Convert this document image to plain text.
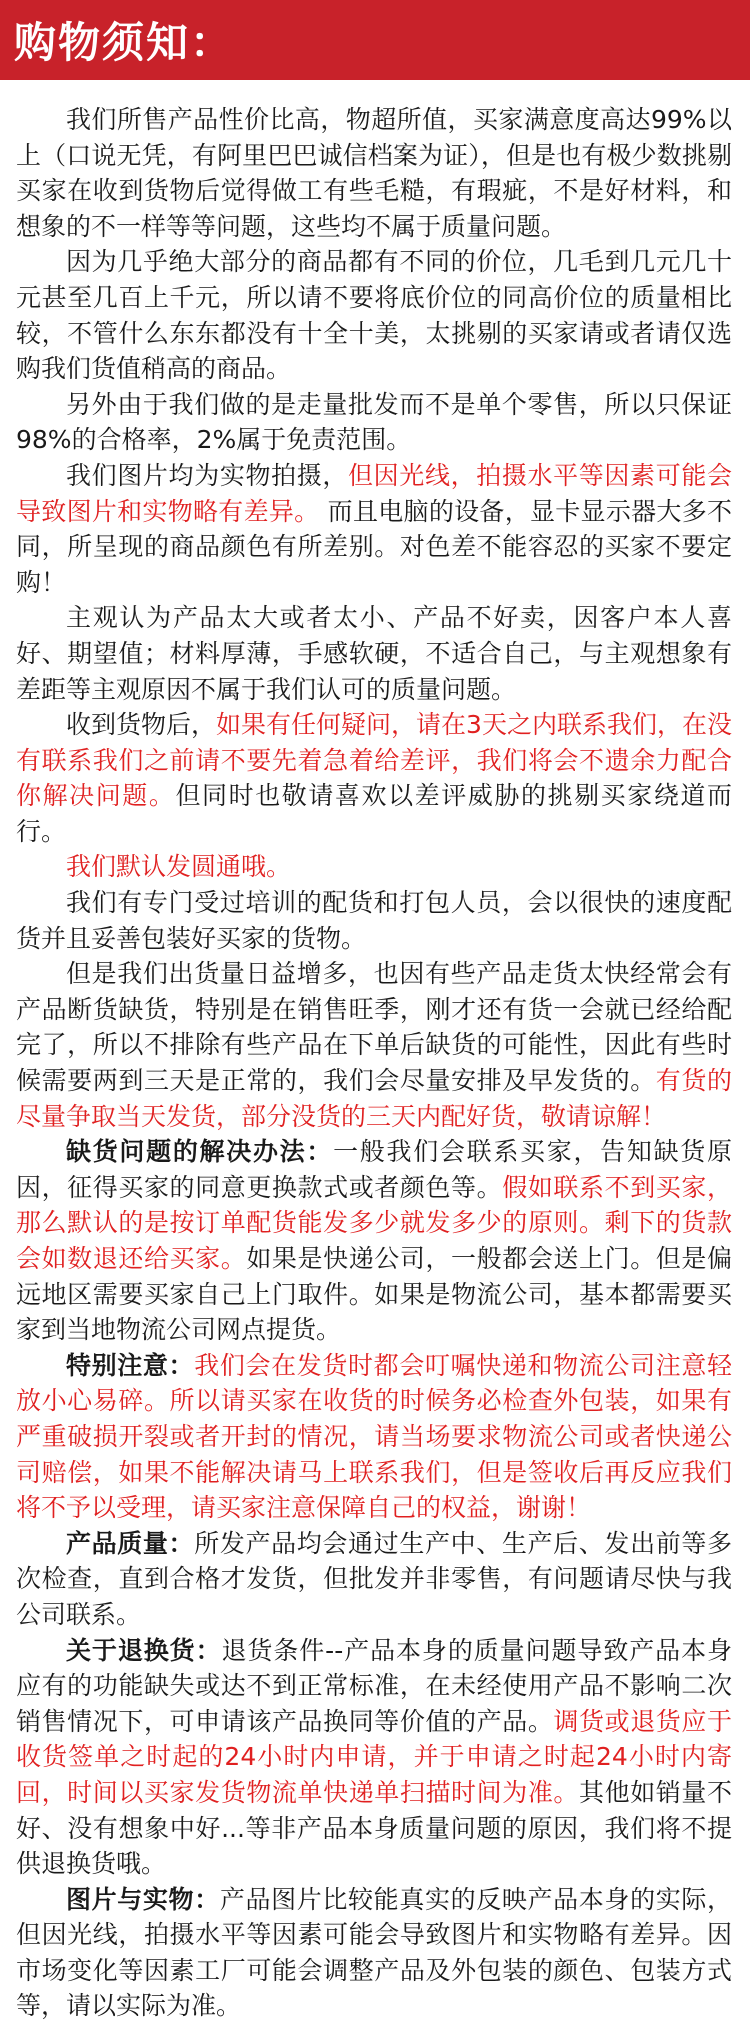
购物须知：

我们所售产品性价比高，物超所值，买家满意度高达99%以上（口说无凭，有阿里巴巴诚信档案为证），但是也有极少数挑剔买家在收到货物后觉得做工有些毛糙，有瑕疵，不是好材料，和想象的不一样等等问题，这些均不属于质量问题。

因为几乎绝大部分的商品都有不同的价位，几毛到几元几十元甚至几百上千元，所以请不要将底价位的同高价位的质量相比较，不管什么东东都没有十全十美，太挑剔的买家请或者请仅选购我们货值稍高的商品。

另外由于我们做的是走量批发而不是单个零售，所以只保证98%的合格率，2%属于免责范围。

我们图片均为实物拍摄，但因光线，拍摄水平等因素可能会导致图片和实物略有差异。 而且电脑的设备，显卡显示器大多不同，所呈现的商品颜色有所差别。对色差不能容忍的买家不要定购！

主观认为产品太大或者太小、产品不好卖，因客户本人喜好、期望值；材料厚薄，手感软硬，不适合自己，与主观想象有差距等主观原因不属于我们认可的质量问题。

收到货物后，如果有任何疑问，请在3天之内联系我们，在没有联系我们之前请不要先着急着给差评，我们将会不遗余力配合你解决问题。但同时也敬请喜欢以差评威胁的挑剔买家绕道而行。

我们默认发圆通哦。

我们有专门受过培训的配货和打包人员，会以很快的速度配货并且妥善包装好买家的货物。

但是我们出货量日益增多，也因有些产品走货太快经常会有产品断货缺货，特别是在销售旺季，刚才还有货一会就已经给配完了，所以不排除有些产品在下单后缺货的可能性，因此有些时候需要两到三天是正常的，我们会尽量安排及早发货的。有货的尽量争取当天发货，部分没货的三天内配好货，敬请谅解！

缺货问题的解决办法：一般我们会联系买家，告知缺货原因，征得买家的同意更换款式或者颜色等。假如联系不到买家，那么默认的是按订单配货能发多少就发多少的原则。剩下的货款会如数退还给买家。如果是快递公司，一般都会送上门。但是偏远地区需要买家自己上门取件。如果是物流公司，基本都需要买家到当地物流公司网点提货。

特别注意：我们会在发货时都会叮嘱快递和物流公司注意轻放小心易碎。所以请买家在收货的时候务必检查外包装，如果有严重破损开裂或者开封的情况，请当场要求物流公司或者快递公司赔偿，如果不能解决请马上联系我们，但是签收后再反应我们将不予以受理，请买家注意保障自己的权益，谢谢！

产品质量：所发产品均会通过生产中、生产后、发出前等多次检查，直到合格才发货，但批发并非零售，有问题请尽快与我公司联系。

关于退换货：退货条件--产品本身的质量问题导致产品本身应有的功能缺失或达不到正常标准，在未经使用产品不影响二次销售情况下，可申请该产品换同等价值的产品。调货或退货应于收货签单之时起的24小时内申请，并于申请之时起24小时内寄回，时间以买家发货物流单快递单扫描时间为准。其他如销量不好、没有想象中好...等非产品本身质量问题的原因，我们将不提供退换货哦。

图片与实物：产品图片比较能真实的反映产品本身的实际，但因光线，拍摄水平等因素可能会导致图片和实物略有差异。因市场变化等因素工厂可能会调整产品及外包装的颜色、包装方式等，请以实际为准。
